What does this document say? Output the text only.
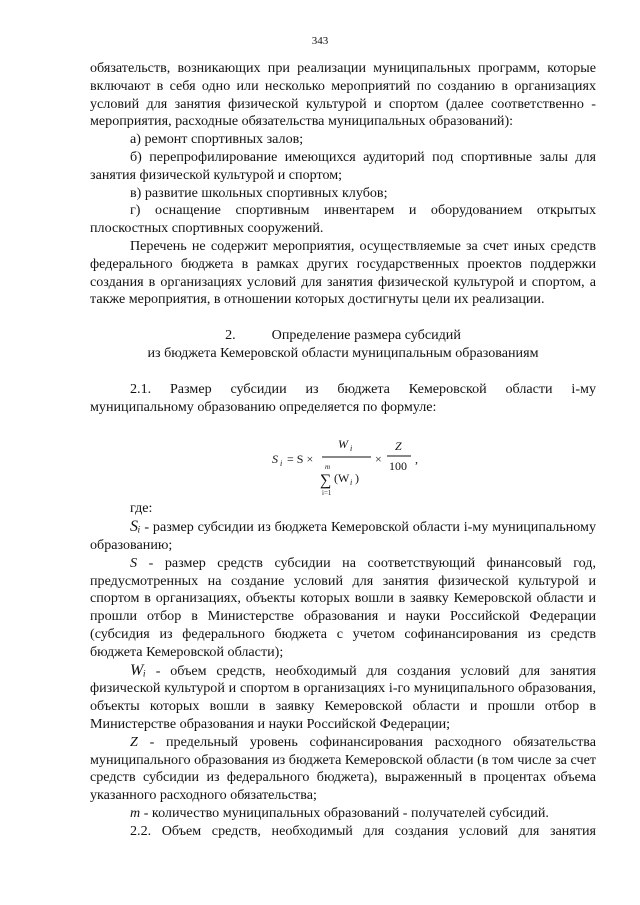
343

обязательств, возникающих при реализации муниципальных программ, которые включают в себя одно или несколько мероприятий по созданию в организациях условий для занятия физической культурой и спортом (далее соответственно - мероприятия, расходные обязательства муниципальных образований):

а) ремонт спортивных залов;

б) перепрофилирование имеющихся аудиторий под спортивные залы для занятия физической культурой и спортом;

в) развитие школьных спортивных клубов;

г) оснащение спортивным инвентарем и оборудованием открытых плоскостных спортивных сооружений.

Перечень не содержит мероприятия, осуществляемые за счет иных средств федерального бюджета в рамках других государственных проектов поддержки создания в организациях условий для занятия физической культурой и спортом, а также мероприятия, в отношении которых достигнуты цели их реализации.

2.	Определение размера субсидий

из бюджета Кемеровской области муниципальным образованиям

2.1. Размер субсидии из бюджета Кемеровской области i-му муниципальному образованию определяется по формуле:

S i = S ×
W i
m
∑
i=1
(W i )
×
Z
100 ,

где:

Sᵢ - размер субсидии из бюджета Кемеровской области i-му муниципальному образованию;

S - размер средств субсидии на соответствующий финансовый год, предусмотренных на создание условий для занятия физической культурой и спортом в организациях, объекты которых вошли в заявку Кемеровской области и прошли отбор в Министерстве образования и науки Российской Федерации (субсидия из федерального бюджета с учетом софинансирования из средств бюджета Кемеровской области);

Wᵢ - объем средств, необходимый для создания условий для занятия физической культурой и спортом в организациях i-го муниципального образования, объекты которых вошли в заявку Кемеровской области и прошли отбор в Министерстве образования и науки Российской Федерации;

Z - предельный уровень софинансирования расходного обязательства муниципального образования из бюджета Кемеровской области (в том числе за счет средств субсидии из федерального бюджета), выраженный в процентах объема указанного расходного обязательства;

m - количество муниципальных образований - получателей субсидий.

2.2. Объем средств, необходимый для создания условий для занятия
